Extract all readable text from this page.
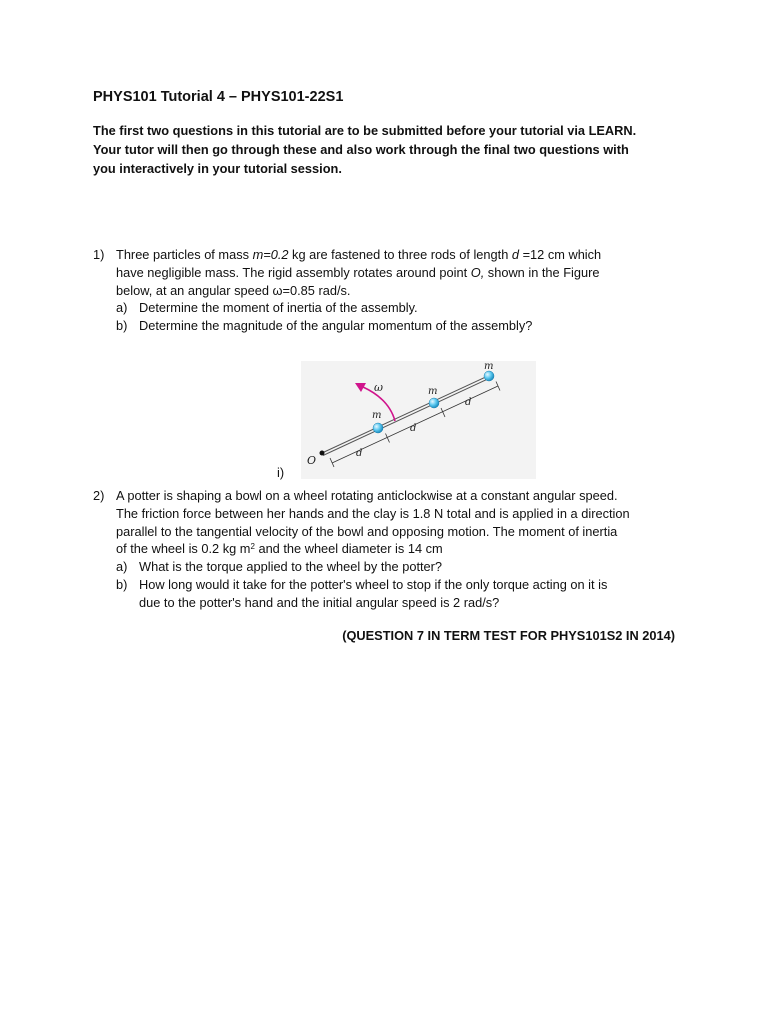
PHYS101 Tutorial 4 – PHYS101-22S1
The first two questions in this tutorial are to be submitted before your tutorial via LEARN.
Your tutor will then go through these and also work through the final two questions with
you interactively in your tutorial session.
1) Three particles of mass m=0.2 kg are fastened to three rods of length d =12 cm which
have negligible mass. The rigid assembly rotates around point O, shown in the Figure
below, at an angular speed ω=0.85 rad/s.
a) Determine the moment of inertia of the assembly.
b) Determine the magnitude of the angular momentum of the assembly?
O
d
d
d
m
m
m
ω
i)
2) A potter is shaping a bowl on a wheel rotating anticlockwise at a constant angular speed.
The friction force between her hands and the clay is 1.8 N total and is applied in a direction
parallel to the tangential velocity of the bowl and opposing motion. The moment of inertia
of the wheel is 0.2 kg $m^2$ and the wheel diameter is 14 cm
a) What is the torque applied to the wheel by the potter?
b) How long would it take for the potter's wheel to stop if the only torque acting on it is
due to the potter's hand and the initial angular speed is 2 rad/s?
(QUESTION 7 IN TERM TEST FOR PHYS101S2 IN 2014)
